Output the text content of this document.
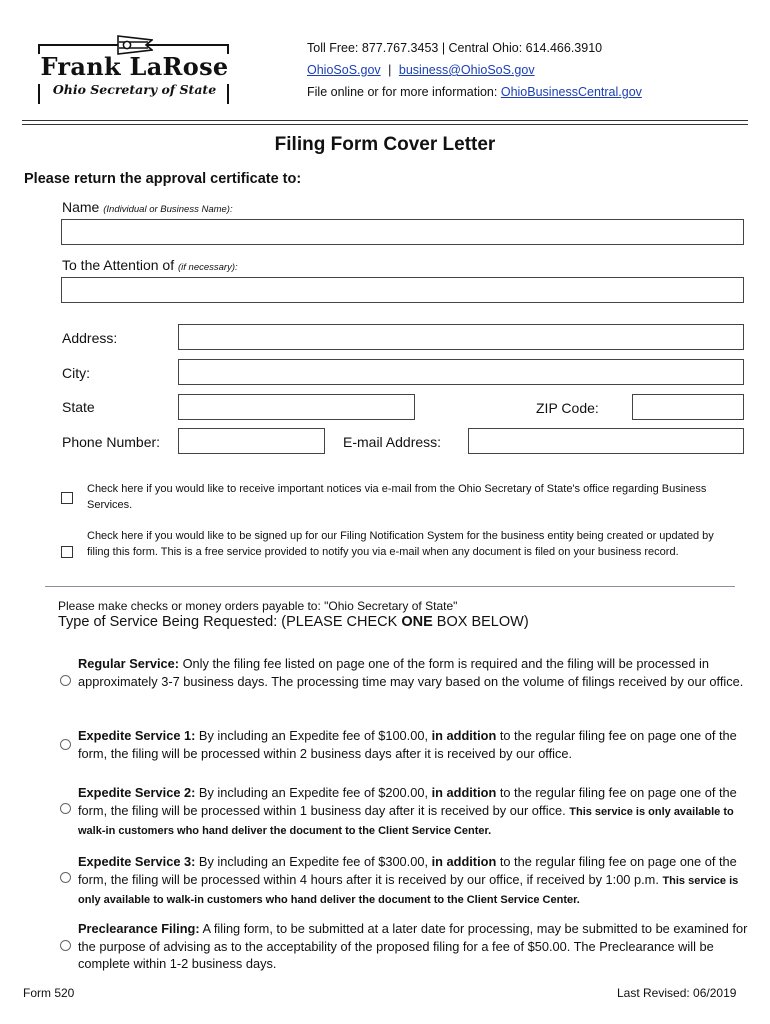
Frank LaRose
Ohio Secretary of State
Toll Free: 877.767.3453 | Central Ohio: 614.466.3910
OhioSoS.gov | business@OhioSoS.gov
File online or for more information: OhioBusinessCentral.gov
Filing Form Cover Letter
Please return the approval certificate to:
Name (Individual or Business Name):
To the Attention of (if necessary):
Address:
City:
State	ZIP Code:
Phone Number:	E-mail Address:
Check here if you would like to receive important notices via e-mail from the Ohio Secretary of State's office regarding Business Services.
Check here if you would like to be signed up for our Filing Notification System for the business entity being created or updated by filing this form. This is a free service provided to notify you via e-mail when any document is filed on your business record.
Please make checks or money orders payable to: "Ohio Secretary of State"
Type of Service Being Requested: (PLEASE CHECK ONE BOX BELOW)
Regular Service: Only the filing fee listed on page one of the form is required and the filing will be processed in approximately 3-7 business days. The processing time may vary based on the volume of filings received by our office.
Expedite Service 1: By including an Expedite fee of $100.00, in addition to the regular filing fee on page one of the form, the filing will be processed within 2 business days after it is received by our office.
Expedite Service 2: By including an Expedite fee of $200.00, in addition to the regular filing fee on page one of the form, the filing will be processed within 1 business day after it is received by our office. This service is only available to walk-in customers who hand deliver the document to the Client Service Center.
Expedite Service 3: By including an Expedite fee of $300.00, in addition to the regular filing fee on page one of the form, the filing will be processed within 4 hours after it is received by our office, if received by 1:00 p.m. This service is only available to walk-in customers who hand deliver the document to the Client Service Center.
Preclearance Filing: A filing form, to be submitted at a later date for processing, may be submitted to be examined for the purpose of advising as to the acceptability of the proposed filing for a fee of $50.00. The Preclearance will be complete within 1-2 business days.
Form 520	Last Revised: 06/2019
